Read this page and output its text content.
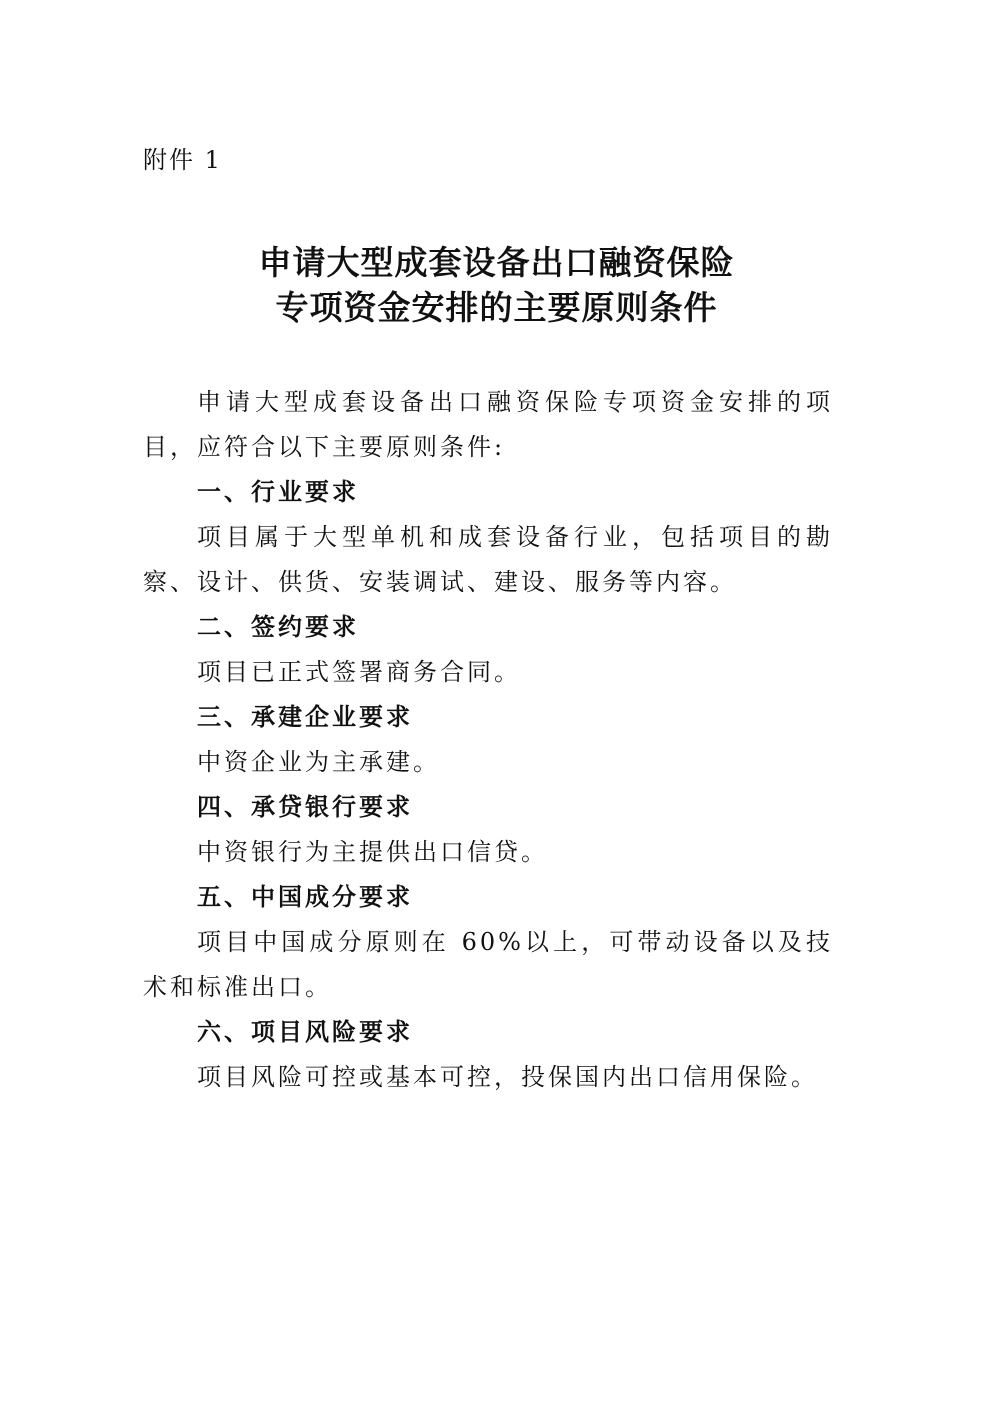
附件 1
申请大型成套设备出口融资保险
专项资金安排的主要原则条件

申请大型成套设备出口融资保险专项资金安排的项目，应符合以下主要原则条件:

一、行业要求

项目属于大型单机和成套设备行业，包括项目的勘察、设计、供货、安装调试、建设、服务等内容。

二、签约要求

项目已正式签署商务合同。

三、承建企业要求

中资企业为主承建。

四、承贷银行要求

中资银行为主提供出口信贷。

五、中国成分要求

项目中国成分原则在 60%以上，可带动设备以及技术和标准出口。

六、项目风险要求

项目风险可控或基本可控，投保国内出口信用保险。
